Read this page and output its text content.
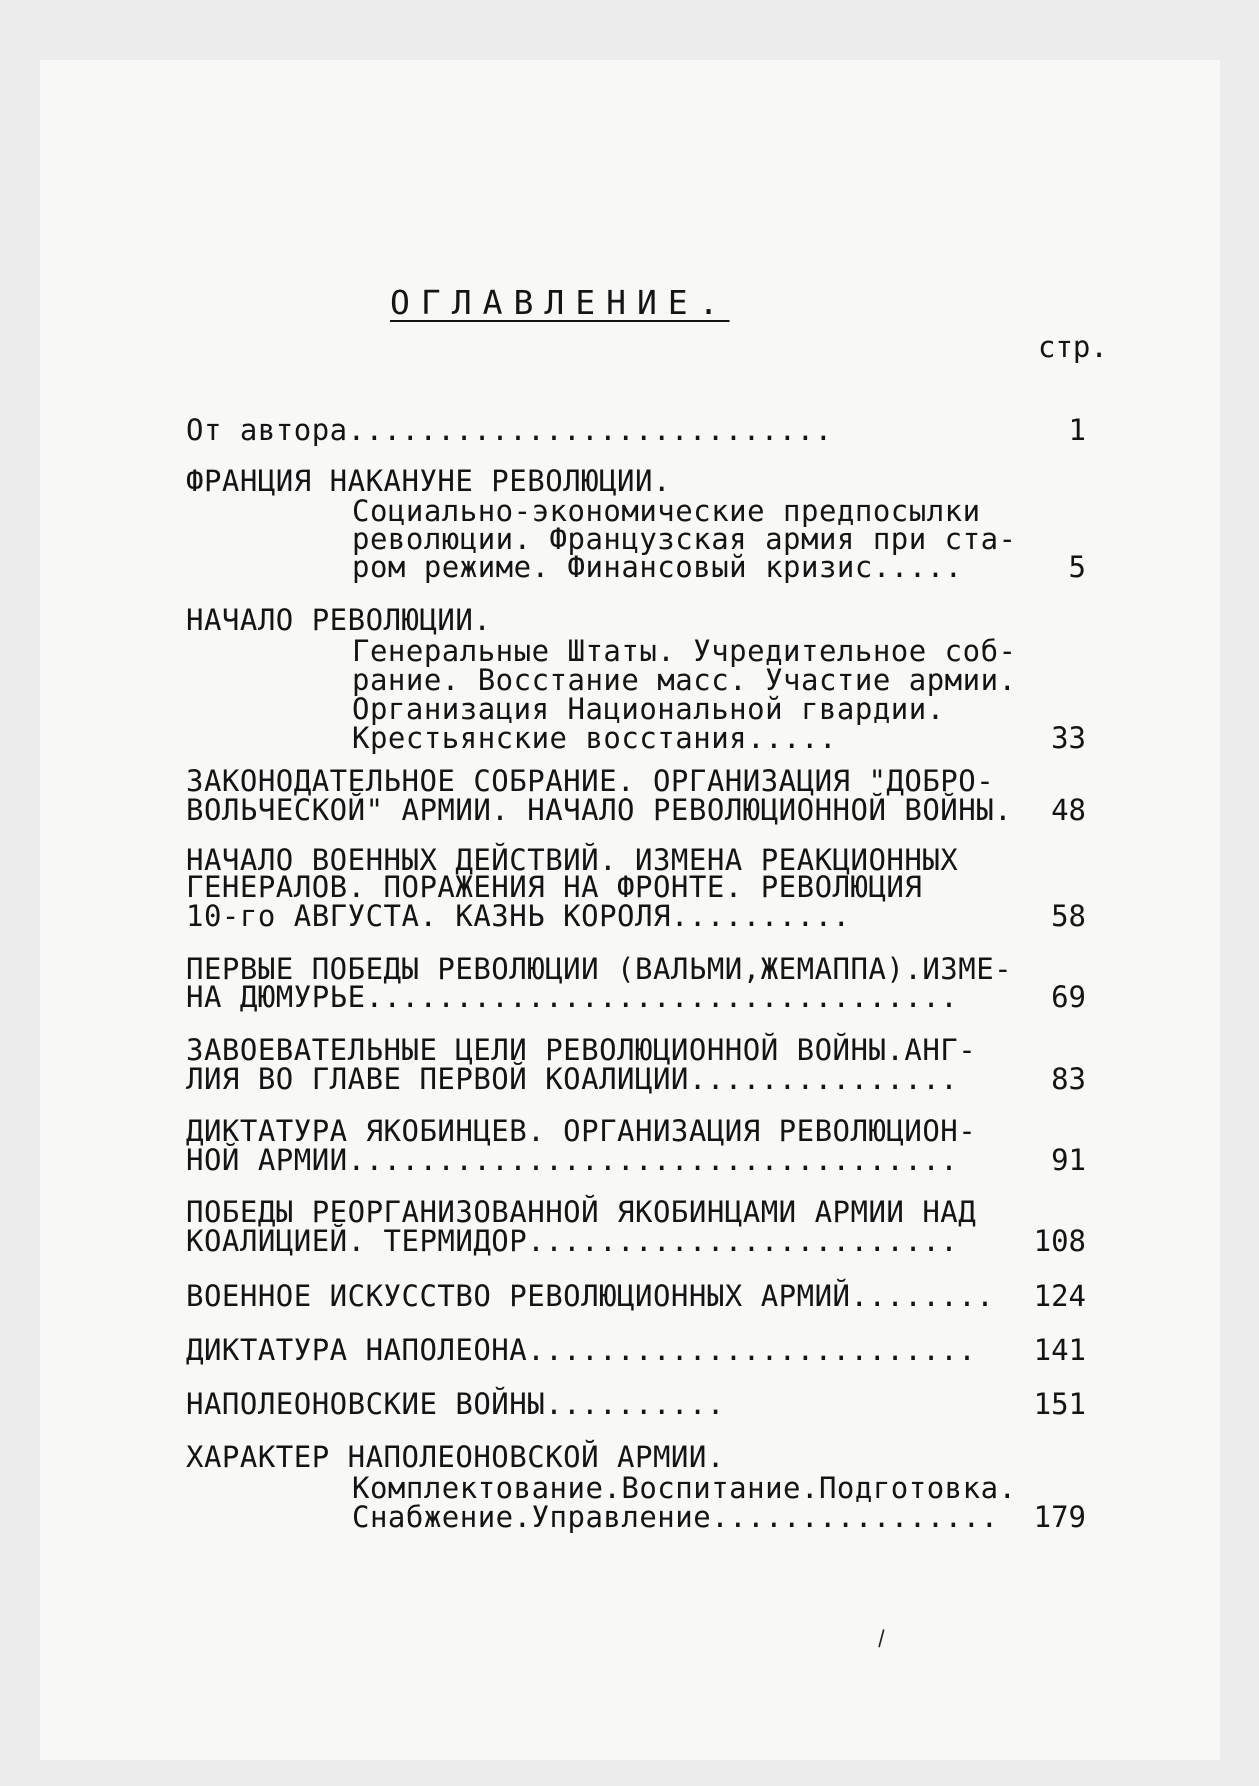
ОГЛАВЛЕНИЕ.
стр.
От автора...........................	1
ФРАНЦИЯ НАКАНУНЕ РЕВОЛЮЦИИ.
Социально-экономические предпосылки
революции. Французская армия при ста-
ром режиме. Финансовый кризис.....	5
НАЧАЛО РЕВОЛЮЦИИ.
Генеральные Штаты. Учредительное соб-
рание. Восстание масс. Участие армии.
Организация Национальной гвардии.
Крестьянские восстания.....	33
ЗАКОНОДАТЕЛЬНОЕ СОБРАНИЕ. ОРГАНИЗАЦИЯ "ДОБРО-
ВОЛЬЧЕСКОЙ" АРМИИ. НАЧАЛО РЕВОЛЮЦИОННОЙ ВОЙНЫ.	48
НАЧАЛО ВОЕННЫХ ДЕЙСТВИЙ. ИЗМЕНА РЕАКЦИОННЫХ
ГЕНЕРАЛОВ. ПОРАЖЕНИЯ НА ФРОНТЕ. РЕВОЛЮЦИЯ
10-го АВГУСТА. КАЗНЬ КОРОЛЯ..........	58
ПЕРВЫЕ ПОБЕДЫ РЕВОЛЮЦИИ (ВАЛЬМИ,ЖЕМАППА).ИЗМЕ-
НА ДЮМУРЬЕ.................................	69
ЗАВОЕВАТЕЛЬНЫЕ ЦЕЛИ РЕВОЛЮЦИОННОЙ ВОЙНЫ.АНГ-
ЛИЯ ВО ГЛАВЕ ПЕРВОЙ КОАЛИЦИИ...............	83
ДИКТАТУРА ЯКОБИНЦЕВ. ОРГАНИЗАЦИЯ РЕВОЛЮЦИОН-
НОЙ АРМИИ..................................	91
ПОБЕДЫ РЕОРГАНИЗОВАННОЙ ЯКОБИНЦАМИ АРМИИ НАД
КОАЛИЦИЕЙ. ТЕРМИДОР........................	108
ВОЕННОЕ ИСКУССТВО РЕВОЛЮЦИОННЫХ АРМИЙ........	124
ДИКТАТУРА НАПОЛЕОНА.........................	141
НАПОЛЕОНОВСКИЕ ВОЙНЫ..........	151
ХАРАКТЕР НАПОЛЕОНОВСКОЙ АРМИИ.
Комплектование.Воспитание.Подготовка.
Снабжение.Управление................	179
\
